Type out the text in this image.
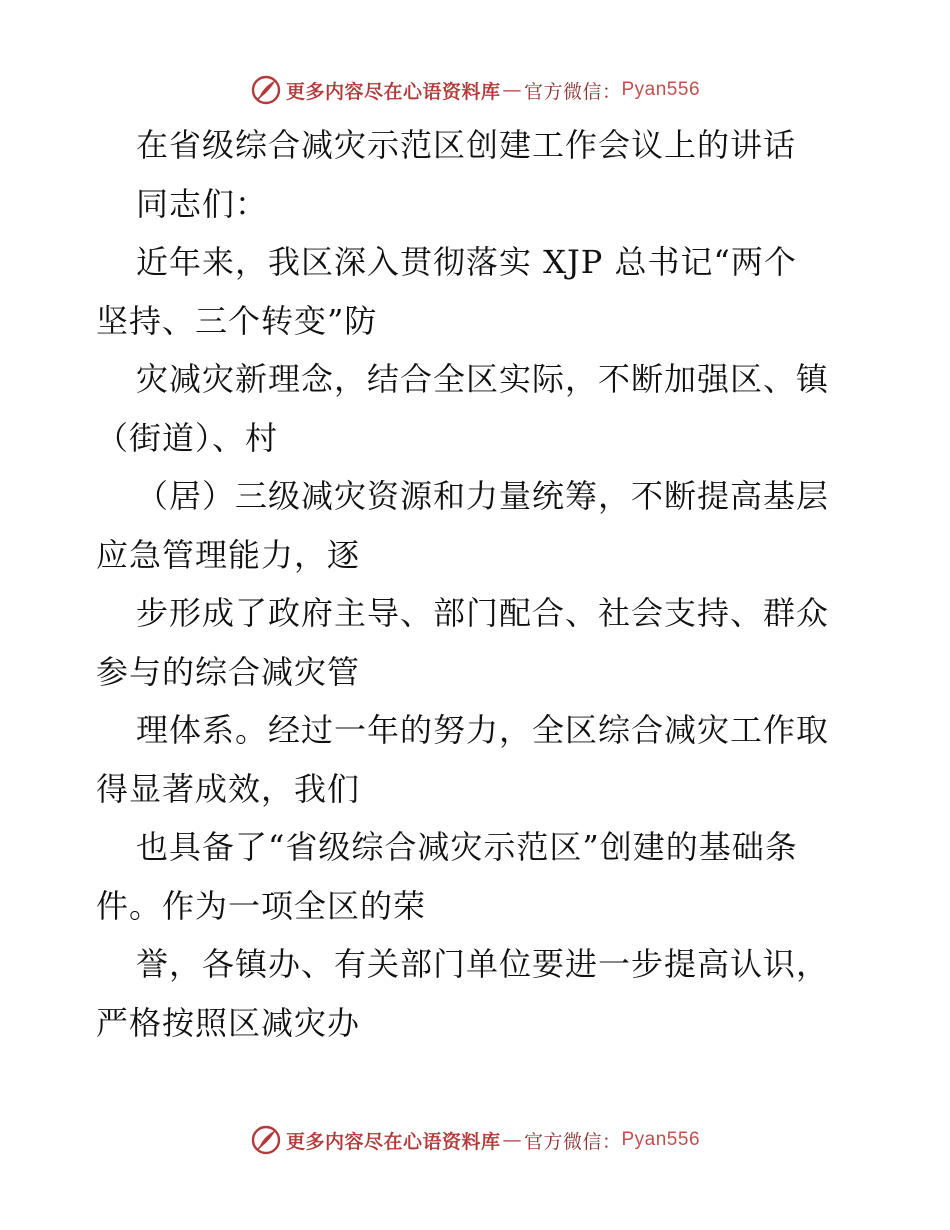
更多内容尽在心语资料库 — 官方微信： Pyan556
在省级综合减灾示范区创建工作会议上的讲话
同志们：
近年来，我区深入贯彻落实 XJP 总书记“两个
坚持、三个转变”防
灾减灾新理念，结合全区实际，不断加强区、镇
（街道）、村
（居）三级减灾资源和力量统筹，不断提高基层
应急管理能力，逐
步形成了政府主导、部门配合、社会支持、群众
参与的综合减灾管
理体系。经过一年的努力，全区综合减灾工作取
得显著成效，我们
也具备了“省级综合减灾示范区”创建的基础条
件。作为一项全区的荣
誉，各镇办、有关部门单位要进一步提高认识，
严格按照区减灾办
更多内容尽在心语资料库 — 官方微信： Pyan556
